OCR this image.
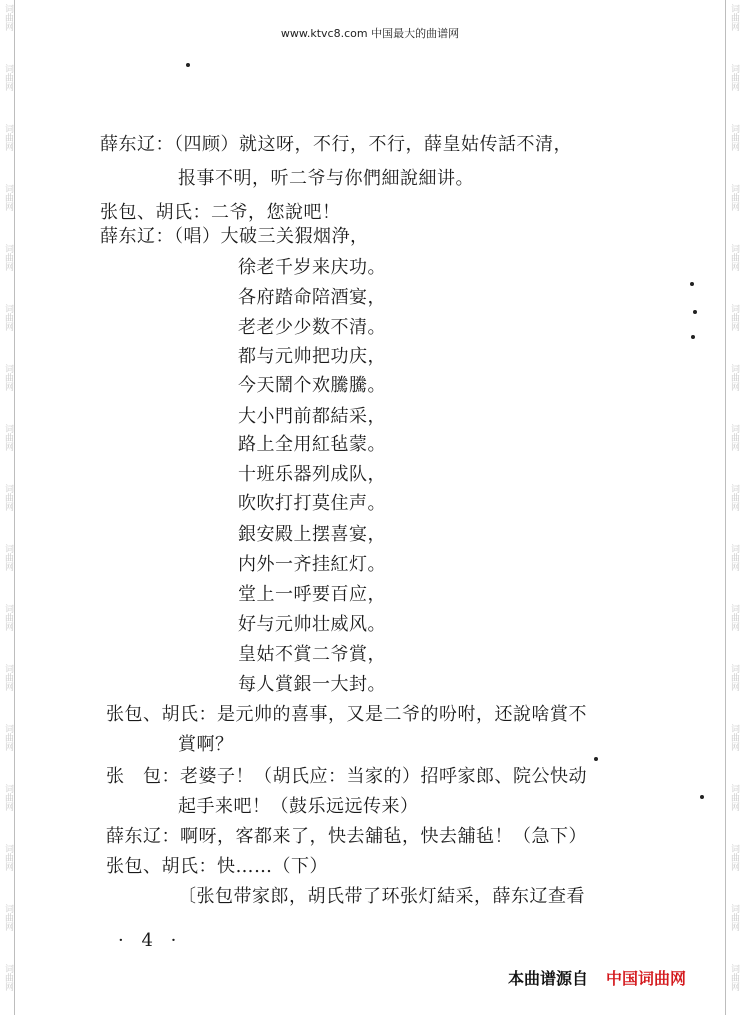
词曲网	词曲网
词曲网	词曲网
词曲网	词曲网
词曲网	词曲网
词曲网	词曲网
词曲网	词曲网
词曲网	词曲网
词曲网	词曲网
词曲网	词曲网
词曲网	词曲网
词曲网	词曲网
词曲网	词曲网
词曲网	词曲网
词曲网	词曲网
词曲网	词曲网
词曲网	词曲网
词曲网	词曲网
www.ktvc8.com 中国最大的曲谱网
薛东辽：（四顾）就这呀，不行，不行，薛皇姑传話不清，
报事不明，听二爷与你們細說細讲。
张包、胡氏：二爷，您說吧！
薛东辽：（唱）大破三关猳烟浄，
徐老千岁来庆功。
各府踏命陪酒宴，
老老少少数不清。
都与元帅把功庆，
今天鬧个欢騰騰。
大小門前都結采，
路上全用紅毡蒙。
十班乐器列成队，
吹吹打打莫住声。
銀安殿上摆喜宴，
内外一齐挂紅灯。
堂上一呼要百应，
好与元帅壮威风。
皇姑不賞二爷賞，
每人賞銀一大封。
张包、胡氏：是元帅的喜事，又是二爷的吩咐，还說啥賞不
賞啊？
张　包：老婆子！（胡氏应：当家的）招呼家郎、院公快动
起手来吧！（鼓乐远远传来）
薛东辽：啊呀，客都来了，快去舖毡，快去舖毡！（急下）
张包、胡氏：快……（下）
〔张包带家郎，胡氏带了环张灯結采，薛东辽查看
· 4 ·
本曲谱源自 中国词曲网
